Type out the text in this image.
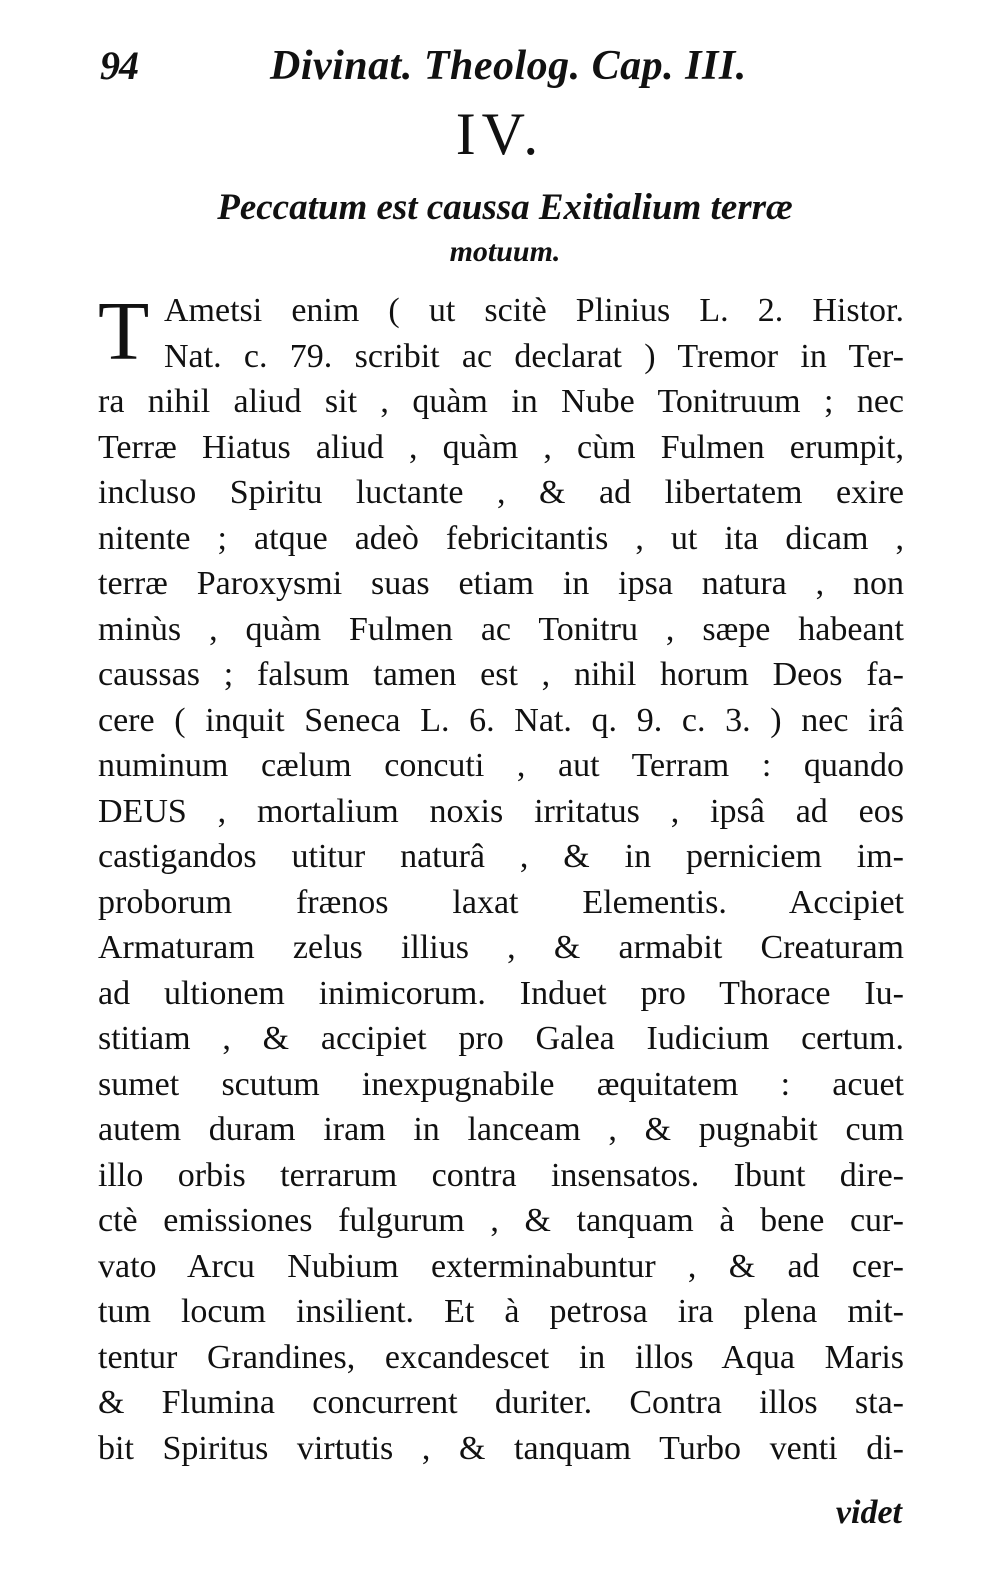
94	Divinat. Theolog. Cap. III.
IV.
Peccatum est caussa Exitialium terræ
motuum.
T Ametsi enim ( ut scitè Plinius L. 2. Histor.
Nat. c. 79. scribit ac declarat ) Tremor in Ter-
ra nihil aliud sit , quàm in Nube Tonitruum ; nec
Terræ Hiatus aliud , quàm , cùm Fulmen erumpit,
incluso Spiritu luctante , & ad libertatem exire
nitente ; atque adeò febricitantis , ut ita dicam ,
terræ Paroxysmi suas etiam in ipsa natura , non
minùs , quàm Fulmen ac Tonitru , sæpe habeant
caussas ; falsum tamen est , nihil horum Deos fa-
cere ( inquit Seneca L. 6. Nat. q. 9. c. 3. ) nec irâ
numinum cælum concuti , aut Terram : quando
DEUS , mortalium noxis irritatus , ipsâ ad eos
castigandos utitur naturâ , & in perniciem im-
proborum frænos laxat Elementis. Accipiet
Armaturam zelus illius , & armabit Creaturam
ad ultionem inimicorum. Induet pro Thorace Iu-
stitiam , & accipiet pro Galea Iudicium certum.
sumet scutum inexpugnabile æquitatem : acuet
autem duram iram in lanceam , & pugnabit cum
illo orbis terrarum contra insensatos. Ibunt dire-
ctè emissiones fulgurum , & tanquam à bene cur-
vato Arcu Nubium exterminabuntur , & ad cer-
tum locum insilient. Et à petrosa ira plena mit-
tentur Grandines, excandescet in illos Aqua Maris
& Flumina concurrent duriter. Contra illos sta-
bit Spiritus virtutis , & tanquam Turbo venti di-
videt
